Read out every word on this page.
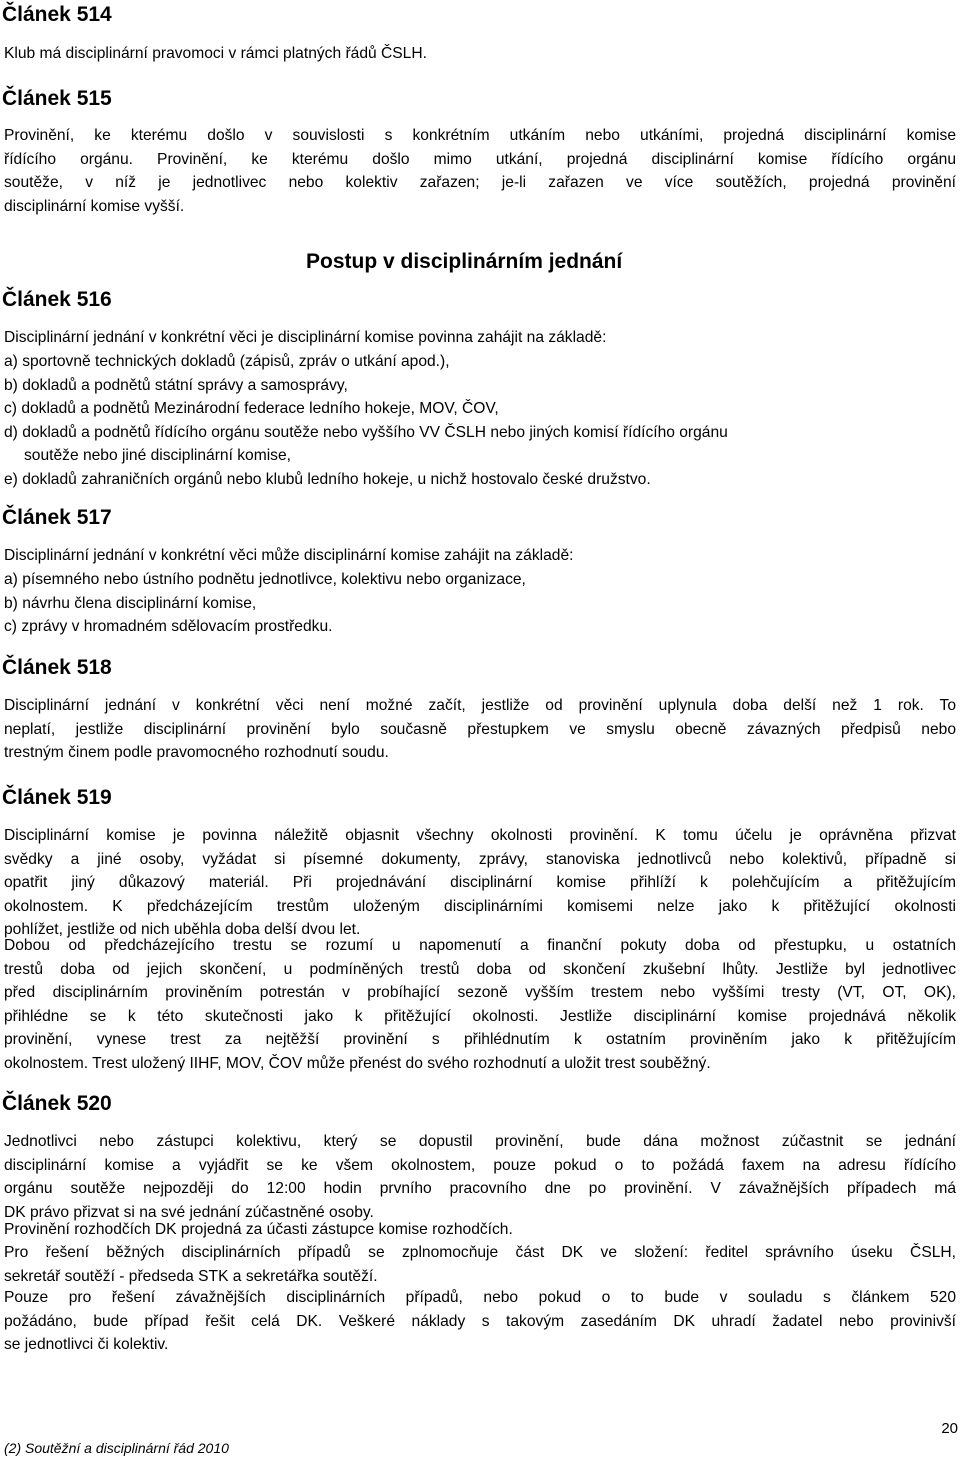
Článek 514

Klub má disciplinární pravomoci v rámci platných řádů ČSLH.

Článek 515

Provinění, ke kterému došlo v souvislosti s konkrétním utkáním nebo utkáními, projedná disciplinární komise
řídícího orgánu. Provinění, ke kterému došlo mimo utkání, projedná disciplinární komise řídícího orgánu
soutěže, v níž je jednotlivec nebo kolektiv zařazen; je-li zařazen ve více soutěžích, projedná provinění
disciplinární komise vyšší.

Postup v disciplinárním jednání
Článek 516

Disciplinární jednání v konkrétní věci je disciplinární komise povinna zahájit na základě:

a) sportovně technických dokladů (zápisů, zpráv o utkání apod.),
b) dokladů a podnětů státní správy a samosprávy,
c) dokladů a podnětů Mezinárodní federace ledního hokeje, MOV, ČOV,
d) dokladů a podnětů řídícího orgánu soutěže nebo vyššího VV ČSLH nebo jiných komisí řídícího orgánu
soutěže nebo jiné disciplinární komise,
e) dokladů zahraničních orgánů nebo klubů ledního hokeje, u nichž hostovalo české družstvo.
Článek 517

Disciplinární jednání v konkrétní věci může disciplinární komise zahájit na základě:

a) písemného nebo ústního podnětu jednotlivce, kolektivu nebo organizace,
b) návrhu člena disciplinární komise,
c) zprávy v hromadném sdělovacím prostředku.
Článek 518

Disciplinární jednání v konkrétní věci není možné začít, jestliže od provinění uplynula doba delší než 1 rok. To
neplatí, jestliže disciplinární provinění bylo současně přestupkem ve smyslu obecně závazných předpisů nebo
trestným činem podle pravomocného rozhodnutí soudu.

Článek 519

Disciplinární komise je povinna náležitě objasnit všechny okolnosti provinění. K tomu účelu je oprávněna přizvat
svědky a jiné osoby, vyžádat si písemné dokumenty, zprávy, stanoviska jednotlivců nebo kolektivů, případně si
opatřit jiný důkazový materiál. Při projednávání disciplinární komise přihlíží k polehčujícím a přitěžujícím
okolnostem. K předcházejícím trestům uloženým disciplinárními komisemi nelze jako k přitěžující okolnosti
pohlížet, jestliže od nich uběhla doba delší dvou let.

Dobou od předcházejícího trestu se rozumí u napomenutí a finanční pokuty doba od přestupku, u ostatních
trestů doba od jejich skončení, u podmíněných trestů doba od skončení zkušební lhůty. Jestliže byl jednotlivec
před disciplinárním proviněním potrestán v probíhající sezoně vyšším trestem nebo vyššími tresty (VT, OT, OK),
přihlédne se k této skutečnosti jako k přitěžující okolnosti. Jestliže disciplinární komise projednává několik
provinění, vynese trest za nejtěžší provinění s přihlédnutím k ostatním proviněním jako k přitěžujícím
okolnostem. Trest uložený IIHF, MOV, ČOV může přenést do svého rozhodnutí a uložit trest souběžný.

Článek 520

Jednotlivci nebo zástupci kolektivu, který se dopustil provinění, bude dána možnost zúčastnit se jednání
disciplinární komise a vyjádřit se ke všem okolnostem, pouze pokud o to požádá faxem na adresu řídícího
orgánu soutěže nejpozději do 12:00 hodin prvního pracovního dne po provinění. V závažnějších případech má
DK právo přizvat si na své jednání zúčastněné osoby.

Provinění rozhodčích DK projedná za účasti zástupce komise rozhodčích.

Pro řešení běžných disciplinárních případů se zplnomocňuje část DK ve složení: ředitel správního úseku ČSLH,
sekretář soutěží - předseda STK a sekretářka soutěží.

Pouze pro řešení závažnějších disciplinárních případů, nebo pokud o to bude v souladu s článkem 520
požádáno, bude případ řešit celá DK. Veškeré náklady s takovým zasedáním DK uhradí žadatel nebo provinivší
se jednotlivci či kolektiv.

20
(2) Soutěžní a disciplinární řád 2010
